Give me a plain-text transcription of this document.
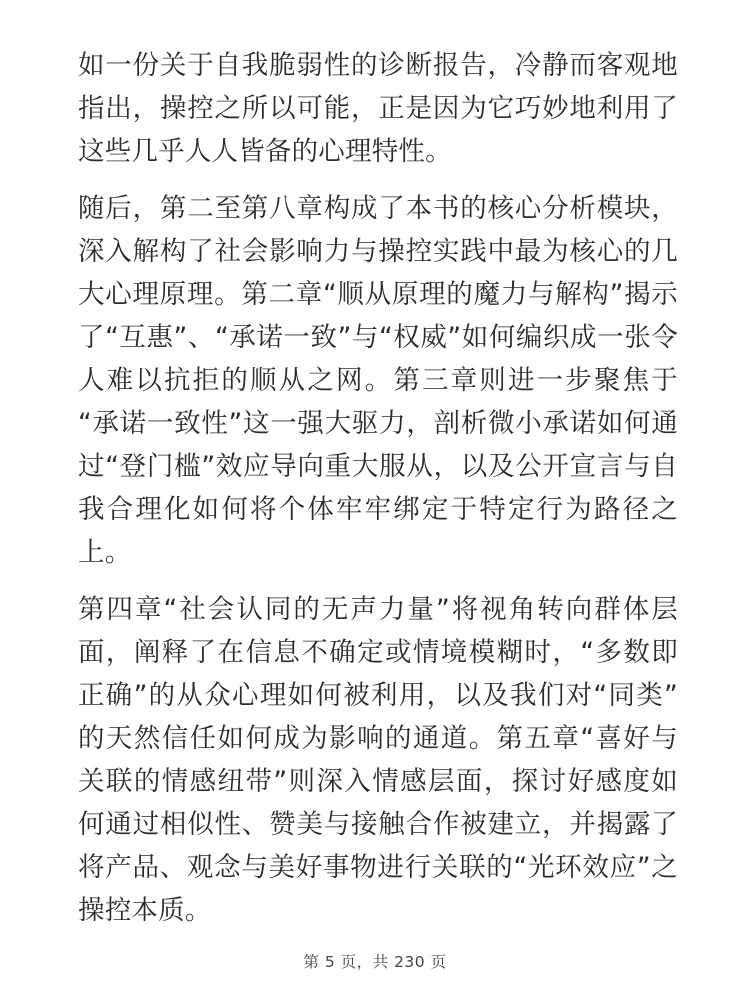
如一份关于自我脆弱性的诊断报告，冷静而客观地指出，操控之所以可能，正是因为它巧妙地利用了这些几乎人人皆备的心理特性。

随后，第二至第八章构成了本书的核心分析模块，深入解构了社会影响力与操控实践中最为核心的几大心理原理。第二章“顺从原理的魔力与解构”揭示了“互惠”、“承诺一致”与“权威”如何编织成一张令人难以抗拒的顺从之网。第三章则进一步聚焦于“承诺一致性”这一强大驱力，剖析微小承诺如何通过“登门槛”效应导向重大服从，以及公开宣言与自我合理化如何将个体牢牢绑定于特定行为路径之上。

第四章“社会认同的无声力量”将视角转向群体层面，阐释了在信息不确定或情境模糊时，“多数即正确”的从众心理如何被利用，以及我们对“同类”的天然信任如何成为影响的通道。第五章“喜好与关联的情感纽带”则深入情感层面，探讨好感度如何通过相似性、赞美与接触合作被建立，并揭露了将产品、观念与美好事物进行关联的“光环效应”之操控本质。

第 5 页，共 230 页
